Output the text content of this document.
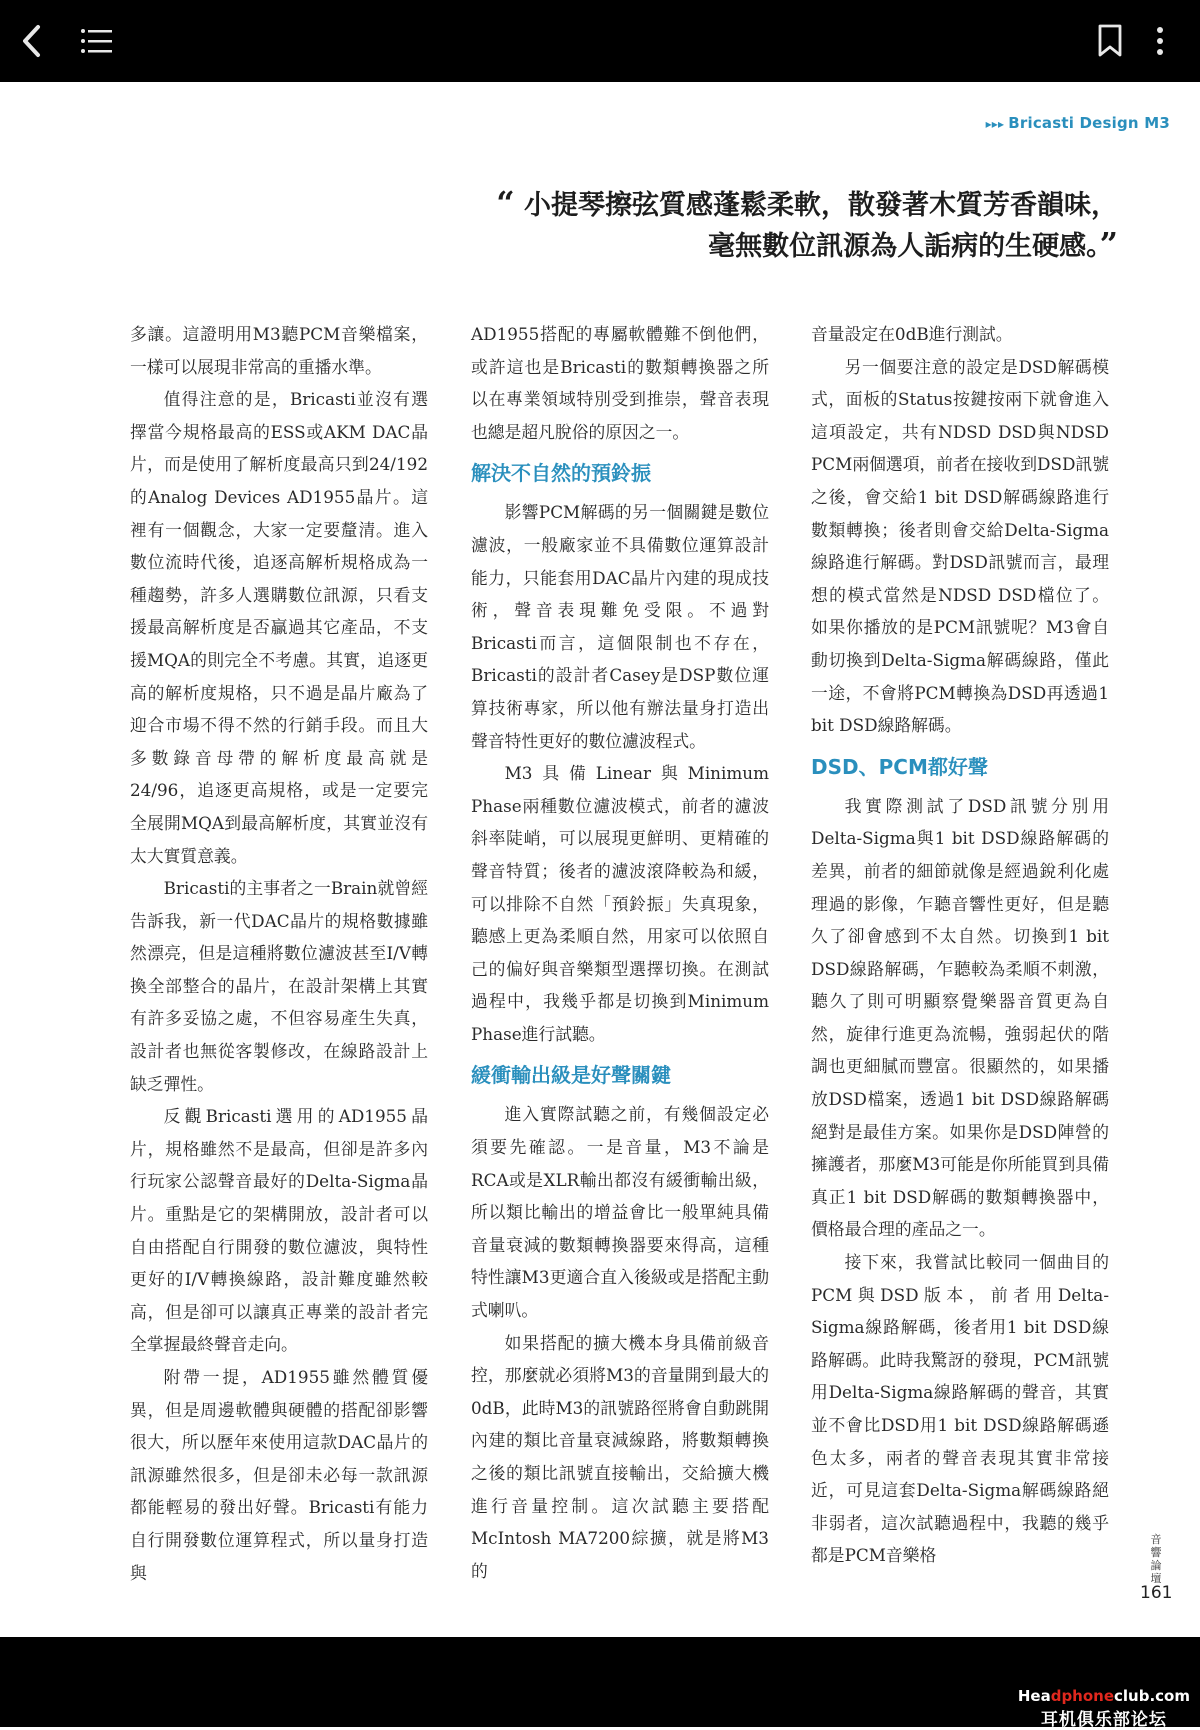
▸▸▸ Bricasti Design M3
“ 小提琴擦弦質感蓬鬆柔軟，散發著木質芳香韻味，
毫無數位訊源為人詬病的生硬感。”

多讓。這證明用M3聽PCM音樂檔案，一樣可以展現非常高的重播水準。

值得注意的是，Bricasti並沒有選擇當今規格最高的ESS或AKM DAC晶片，而是使用了解析度最高只到24/192的Analog Devices AD1955晶片。這裡有一個觀念，大家一定要釐清。進入數位流時代後，追逐高解析規格成為一種趨勢，許多人選購數位訊源，只看支援最高解析度是否贏過其它產品，不支援MQA的則完全不考慮。其實，追逐更高的解析度規格，只不過是晶片廠為了迎合市場不得不然的行銷手段。而且大多數錄音母帶的解析度最高就是24/96，追逐更高規格，或是一定要完全展開MQA到最高解析度，其實並沒有太大實質意義。

Bricasti的主事者之一Brain就曾經告訴我，新一代DAC晶片的規格數據雖然漂亮，但是這種將數位濾波甚至I/V轉換全部整合的晶片，在設計架構上其實有許多妥協之處，不但容易產生失真，設計者也無從客製修改，在線路設計上缺乏彈性。

反觀Bricasti選用的AD1955晶片，規格雖然不是最高，但卻是許多內行玩家公認聲音最好的Delta-Sigma晶片。重點是它的架構開放，設計者可以自由搭配自行開發的數位濾波，與特性更好的I/V轉換線路，設計難度雖然較高，但是卻可以讓真正專業的設計者完全掌握最終聲音走向。

附帶一提，AD1955雖然體質優異，但是周邊軟體與硬體的搭配卻影響很大，所以歷年來使用這款DAC晶片的訊源雖然很多，但是卻未必每一款訊源都能輕易的發出好聲。Bricasti有能力自行開發數位運算程式，所以量身打造與

AD1955搭配的專屬軟體難不倒他們，或許這也是Bricasti的數類轉換器之所以在專業領域特別受到推崇，聲音表現也總是超凡脫俗的原因之一。

解決不自然的預鈴振

影響PCM解碼的另一個關鍵是數位濾波，一般廠家並不具備數位運算設計能力，只能套用DAC晶片內建的現成技術，聲音表現難免受限。不過對Bricasti而言，這個限制也不存在，Bricasti的設計者Casey是DSP數位運算技術專家，所以他有辦法量身打造出聲音特性更好的數位濾波程式。

M3具備Linear與Minimum Phase兩種數位濾波模式，前者的濾波斜率陡峭，可以展現更鮮明、更精確的聲音特質；後者的濾波滾降較為和緩，可以排除不自然「預鈴振」失真現象，聽感上更為柔順自然，用家可以依照自己的偏好與音樂類型選擇切換。在測試過程中，我幾乎都是切換到Minimum Phase進行試聽。

緩衝輸出級是好聲關鍵

進入實際試聽之前，有幾個設定必須要先確認。一是音量，M3不論是RCA或是XLR輸出都沒有緩衝輸出級，所以類比輸出的增益會比一般單純具備音量衰減的數類轉換器要來得高，這種特性讓M3更適合直入後級或是搭配主動式喇叭。

如果搭配的擴大機本身具備前級音控，那麼就必須將M3的音量開到最大的0dB，此時M3的訊號路徑將會自動跳開內建的類比音量衰減線路，將數類轉換之後的類比訊號直接輸出，交給擴大機進行音量控制。這次試聽主要搭配McIntosh MA7200綜擴，就是將M3的

音量設定在0dB進行測試。

另一個要注意的設定是DSD解碼模式，面板的Status按鍵按兩下就會進入這項設定，共有NDSD DSD與NDSD PCM兩個選項，前者在接收到DSD訊號之後，會交給1 bit DSD解碼線路進行數類轉換；後者則會交給Delta-Sigma線路進行解碼。對DSD訊號而言，最理想的模式當然是NDSD DSD檔位了。如果你播放的是PCM訊號呢？M3會自動切換到Delta-Sigma解碼線路，僅此一途，不會將PCM轉換為DSD再透過1 bit DSD線路解碼。

DSD、PCM都好聲

我實際測試了DSD訊號分別用Delta-Sigma與1 bit DSD線路解碼的差異，前者的細節就像是經過銳利化處理過的影像，乍聽音響性更好，但是聽久了卻會感到不太自然。切換到1 bit DSD線路解碼，乍聽較為柔順不刺激，聽久了則可明顯察覺樂器音質更為自然，旋律行進更為流暢，強弱起伏的階調也更細膩而豐富。很顯然的，如果播放DSD檔案，透過1 bit DSD線路解碼絕對是最佳方案。如果你是DSD陣營的擁護者，那麼M3可能是你所能買到具備真正1 bit DSD解碼的數類轉換器中，價格最合理的產品之一。

接下來，我嘗試比較同一個曲目的PCM與DSD版本，前者用Delta-Sigma線路解碼，後者用1 bit DSD線路解碼。此時我驚訝的發現，PCM訊號用Delta-Sigma線路解碼的聲音，其實並不會比DSD用1 bit DSD線路解碼遜色太多，兩者的聲音表現其實非常接近，可見這套Delta-Sigma解碼線路絕非弱者，這次試聽過程中，我聽的幾乎都是PCM音樂格

音響論壇
161
Headphoneclub.com
耳机俱乐部论坛
